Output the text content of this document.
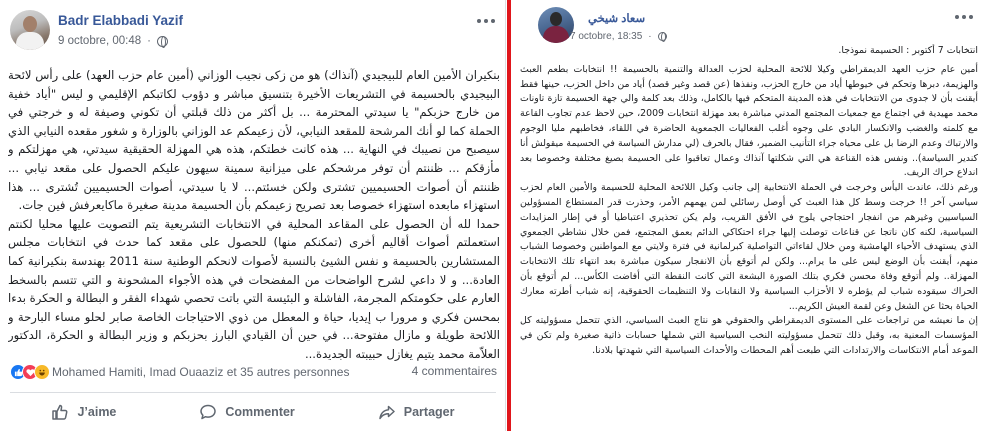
Badr Elabbadi Yazif
9 octobre, 00:48 ·

بنكيران الأمين العام للبيجيدي (آنذاك) هو من زكى نجيب الوزاني (أمين عام حزب العهد) على رأس لائحة البيجيدي بالحسيمة في التشريعات الأخيرة بتنسيق مباشر و دؤوب لكاتبكم الإقليمي و ليس "أياد خفية من خارج حزبكم" يا سيدتي المحترمة ... بل أكثر من ذلك قبلتي أن تكوني وصيفة له و خرجتي في الحملة كما لو أنك المرشحة للمقعد النيابي، لأن زعيمكم عد الوزاني بالوزارة و شغور مقعده النيابي الذي سيصبح من نصيبك في النهاية ... هذه كانت خطتكم، هذه هي المهزلة الحقيقية سيدتي، هي مهزلتكم و مأزقكم ... ظننتم أن توفر مرشحكم على ميزانية سمينة سيهون عليكم الحصول على مقعد نيابي ... ظننتم أن أصوات الحسيميين تشترى ولكن خسئتم... لا يا سيدتي، أصوات الحسيميين تُشترى ... هذا استهزاء مابعده استهزاء خصوصا بعد تصريح زعيمكم بأن الحسيمة مدينة صغيرة ماكايعرفش فين جات.

حمدا لله أن الحصول على المقاعد المحلية في الانتخابات التشريعية يتم التصويت عليها محليا لكنتم استعملتم أصوات أقاليم أخرى (تمكنكم منها) للحصول على مقعد كما حدث في انتخابات مجلس المستشارين بالحسيمة و نفس الشيئ بالنسبة لأصوات لانحكم الوطنية سنة 2011 بهندسة بنكيرانية كما العادة... و لا داعي لشرح الواضحات من المفضحات في هذه الأجواء المشحونة و التي تتسم بالسخط العارم على حكومتكم المجرمة، الفاشلة و البئيسة التي باتت تحصي شهداء الفقر و البطالة و الحكرة بدءا بمحسن فكري و مرورا ب إيديا، حياة و المعطل من ذوي الاحتياجات الخاصة صابر لحلو مساء البارحة و اللائحة طويلة و مازال مفتوحة... في حين أن القيادي البارز بحزبكم و وزير البطالة و الحكرة، الدكتور العلاّمة محمد يتيم يغازل حبيبته الجديدة...

Mohamed Hamiti, Imad Ouaaziz et 35 autres personnes	4 commentaires
J’aime	Commenter	Partager
سعاد شيخي
7 octobre, 18:35 ·

انتخابات 7 أكتوبر : الحسيمة نموذجا.

أمين عام حزب العهد الديمقراطي وكيلا للائحة المحلية لحزب العدالة والتنمية بالحسيمة !! انتخابات بطعم العبث والهزيمة، دبرها وتحكم في خيوطها أياد من خارج الحزب، ونفذها (عن قصد وغير قصد) أياد من داخل الحزب، حينها فقط أيقنت بأن لا جدوى من الانتخابات في هذه المدينة المتحكم فيها بالكامل، وذلك بعد كلمة والي جهة الحسيمة تازة تاونات محمد مهيدية في اجتماع مع جمعيات المجتمع المدني مباشرة بعد مهزلة انتخابات 2009، حين لاحظ عدم تجاوب القاعة مع كلمته والغضب والانكسار البادي على وجوه أغلب الفعاليات الجمعوية الحاضرة في اللقاء، فخاطبهم مليا الوجوم والارتباك وعدم الرضا بل على محياه جراء التأنيب الضمير، فقال بالحرف (لي مدارش السياسة في الحسيمة ميقولش أنا كندير السياسة).. ونفس هذه القناعة هي التي شكلتها آنذاك وعمال تعاقبوا على الحسيمة بصيغ مختلفة وخصوصا بعد اندلاع حراك الريف.

ورغم ذلك، عاندت اليأس وخرجت في الحملة الانتخابية إلى جانب وكيل اللائحة المحلية للحسيمة والأمين العام لحزب سياسي آخر !! خرجت وسط كل هذا العبث كي أوصل رسائلي لمن يهمهم الأمر، وحذرت قدر المستطاع المسؤولين السياسيين وغيرهم من انفجار احتجاجي يلوح في الأفق القريب، ولم يكن تحذيري اعتباطيا أو في إطار المزايدات السياسية، لكنه كان ناتجا عن قناعات توصلت إليها جراء احتكاكي الدائم بعمق المجتمع، فمن خلال نشاطي الجمعوي الذي يستهدف الأحياء الهامشية ومن خلال لقاءاتي التواصلية كبرلمانية في فترة ولايتي مع المواطنين وخصوصا الشباب منهم، أيقنت بأن الوضع ليس على ما يرام... ولكن لم أتوقع بأن الانفجار سيكون مباشرة بعد انتهاء تلك الانتخابات المهزلة.. ولم أتوقع وفاة محسن فكري بتلك الصورة البشعة التي كانت النقطة التي أفاضت الكأس... لم أتوقع بأن الحراك سيقوده شباب لم يؤطره لا الأحزاب السياسية ولا النقابات ولا التنظيمات الحقوقية، إنه شباب أطرته معارك الحياة بحثا عن الشغل وعن لقمة العيش الكريم...

إن ما نعيشه من تراجعات على المستوى الديمقراطي والحقوقي هو نتاج العبث السياسي، الذي تتحمل مسؤوليته كل المؤسسات المعنية به، وقبل ذلك تتحمل مسؤوليته النخب السياسية التي شملها حسابات ذاتية صغيرة ولم تكن في الموعد أمام الانتكاسات والارتدادات التي طبعت أهم المحطات والأحداث السياسية التي شهدتها بلادنا.
